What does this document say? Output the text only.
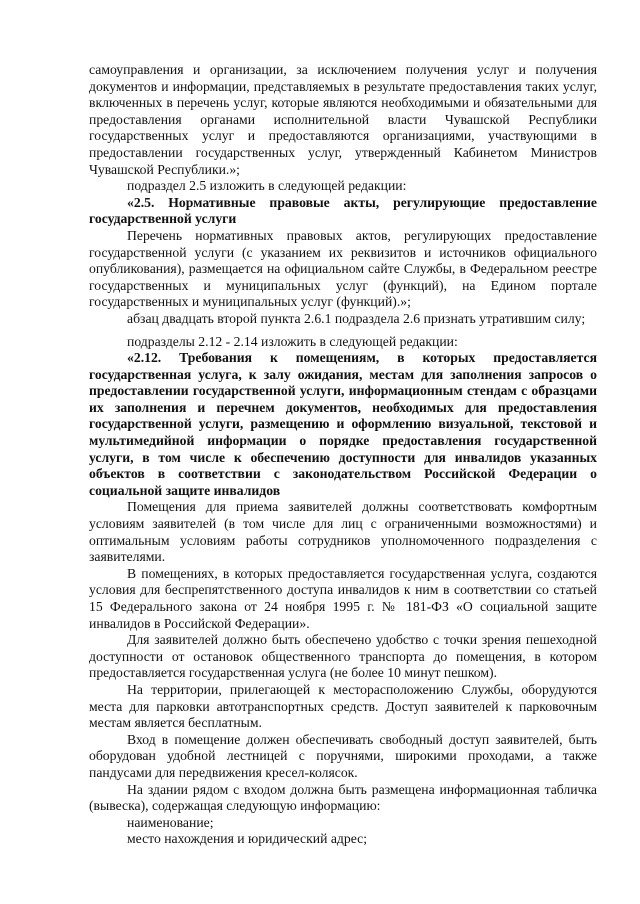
самоуправления и организации, за исключением получения услуг и получения документов и информации, представляемых в результате предоставления таких услуг, включенных в перечень услуг, которые являются необходимыми и обязательными для предоставления органами исполнительной власти Чувашской Республики государственных услуг и предоставляются организациями, участвующими в предоставлении государственных услуг, утвержденный Кабинетом Министров Чувашской Республики.»;

подраздел 2.5 изложить в следующей редакции:

«2.5. Нормативные правовые акты, регулирующие предоставление государственной услуги

Перечень нормативных правовых актов, регулирующих предоставление государственной услуги (с указанием их реквизитов и источников официального опубликования), размещается на официальном сайте Службы, в Федеральном реестре государственных и муниципальных услуг (функций), на Едином портале государственных и муниципальных услуг (функций).»;

абзац двадцать второй пункта 2.6.1 подраздела 2.6 признать утратившим силу;

подразделы 2.12 - 2.14 изложить в следующей редакции:

«2.12. Требования к помещениям, в которых предоставляется государственная услуга, к залу ожидания, местам для заполнения запросов о предоставлении государственной услуги, информационным стендам с образцами их заполнения и перечнем документов, необходимых для предоставления государственной услуги, размещению и оформлению визуальной, текстовой и мультимедийной информации о порядке предоставления государственной услуги, в том числе к обеспечению доступности для инвалидов указанных объектов в соответствии с законодательством Российской Федерации о социальной защите инвалидов

Помещения для приема заявителей должны соответствовать комфортным условиям заявителей (в том числе для лиц с ограниченными возможностями) и оптимальным условиям работы сотрудников уполномоченного подразделения с заявителями.

В помещениях, в которых предоставляется государственная услуга, создаются условия для беспрепятственного доступа инвалидов к ним в соответствии со статьей 15 Федерального закона от 24 ноября 1995 г. № 181-ФЗ «О социальной защите инвалидов в Российской Федерации».

Для заявителей должно быть обеспечено удобство с точки зрения пешеходной доступности от остановок общественного транспорта до помещения, в котором предоставляется государственная услуга (не более 10 минут пешком).

На территории, прилегающей к месторасположению Службы, оборудуются места для парковки автотранспортных средств. Доступ заявителей к парковочным местам является бесплатным.

Вход в помещение должен обеспечивать свободный доступ заявителей, быть оборудован удобной лестницей с поручнями, широкими проходами, а также пандусами для передвижения кресел-колясок.

На здании рядом с входом должна быть размещена информационная табличка (вывеска), содержащая следующую информацию:

наименование;

место нахождения и юридический адрес;
